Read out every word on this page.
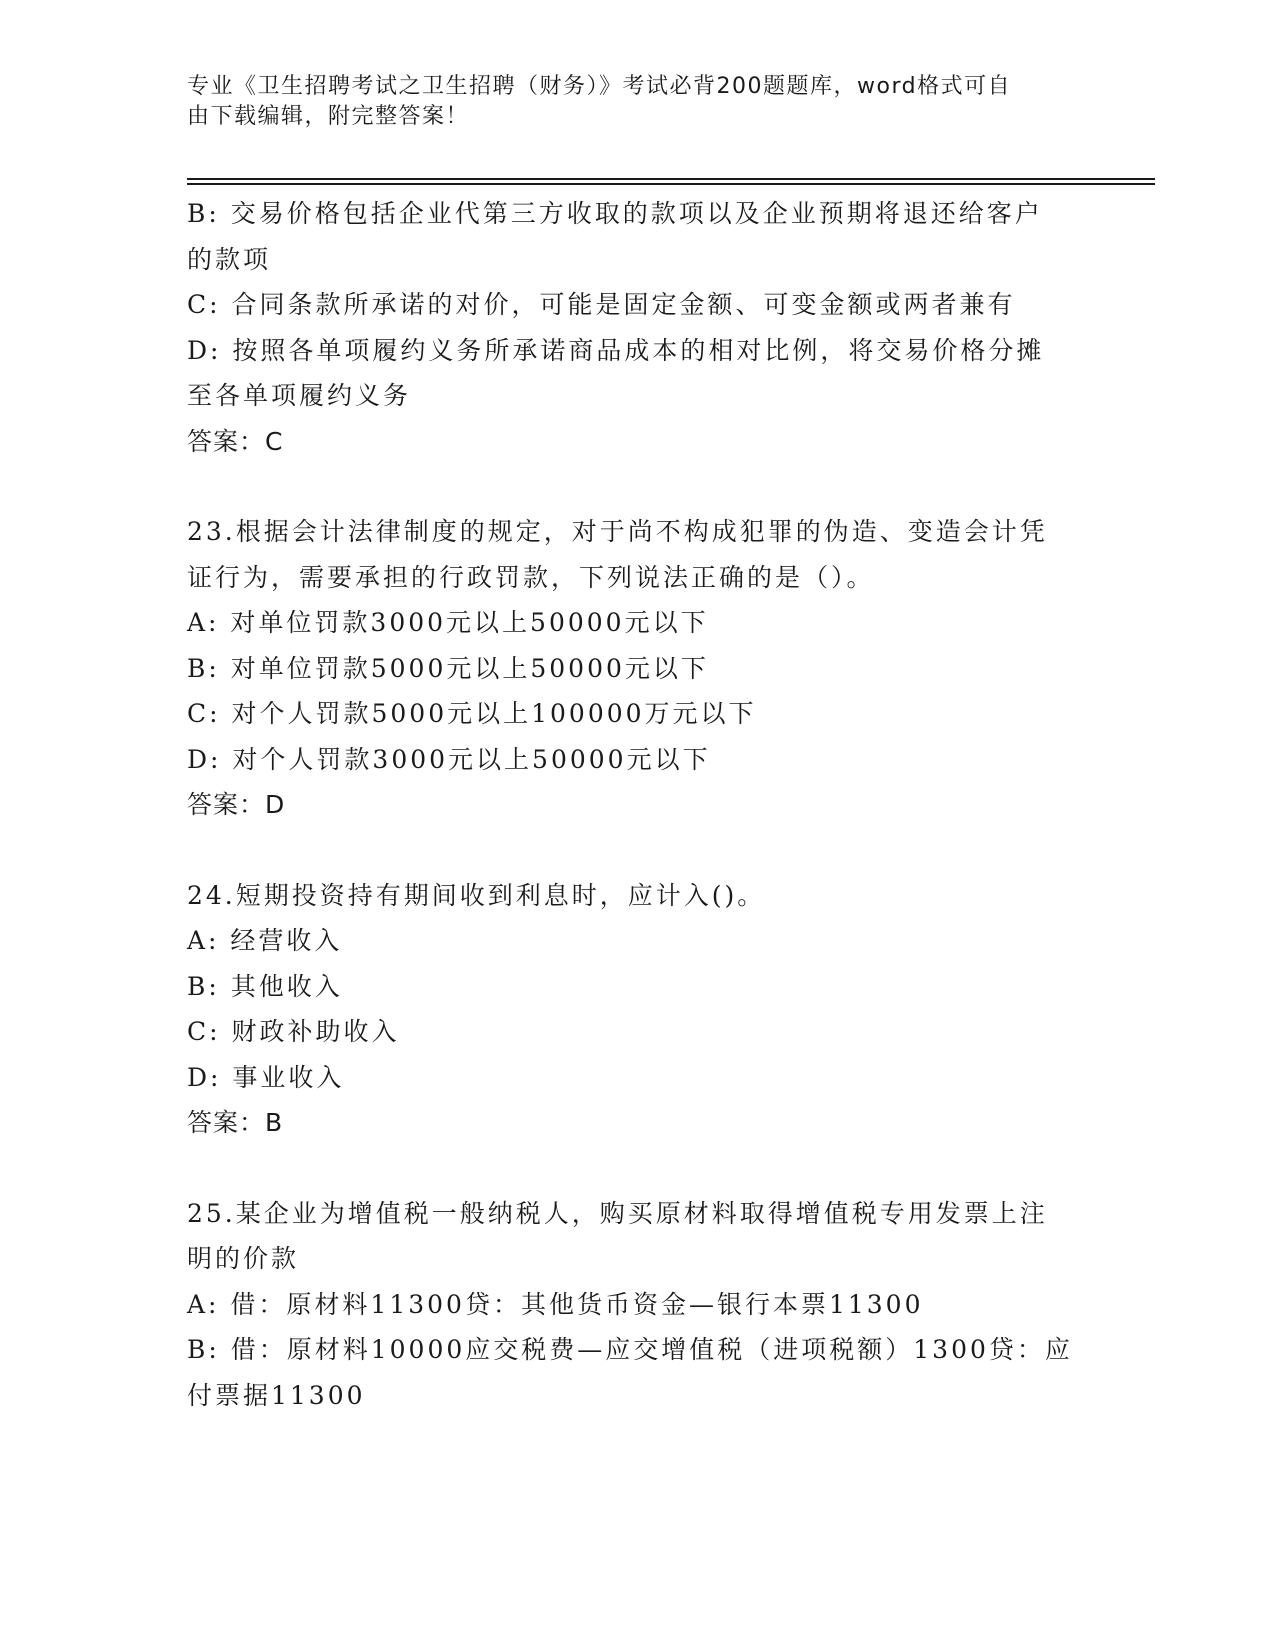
专业《卫生招聘考试之卫生招聘（财务）》考试必背200题题库，word格式可自
由下载编辑，附完整答案！
B: 交易价格包括企业代第三方收取的款项以及企业预期将退还给客户
的款项
C: 合同条款所承诺的对价，可能是固定金额、可变金额或两者兼有
D: 按照各单项履约义务所承诺商品成本的相对比例，将交易价格分摊
至各单项履约义务
答案：C
23.根据会计法律制度的规定，对于尚不构成犯罪的伪造、变造会计凭
证行为，需要承担的行政罚款，下列说法正确的是（）。
A: 对单位罚款3000元以上50000元以下
B: 对单位罚款5000元以上50000元以下
C: 对个人罚款5000元以上100000万元以下
D: 对个人罚款3000元以上50000元以下
答案：D
24.短期投资持有期间收到利息时，应计入()。
A: 经营收入
B: 其他收入
C: 财政补助收入
D: 事业收入
答案：B
25.某企业为增值税一般纳税人，购买原材料取得增值税专用发票上注
明的价款
A: 借：原材料11300贷：其他货币资金—银行本票11300
B: 借：原材料10000应交税费—应交增值税（进项税额）1300贷：应
付票据11300
